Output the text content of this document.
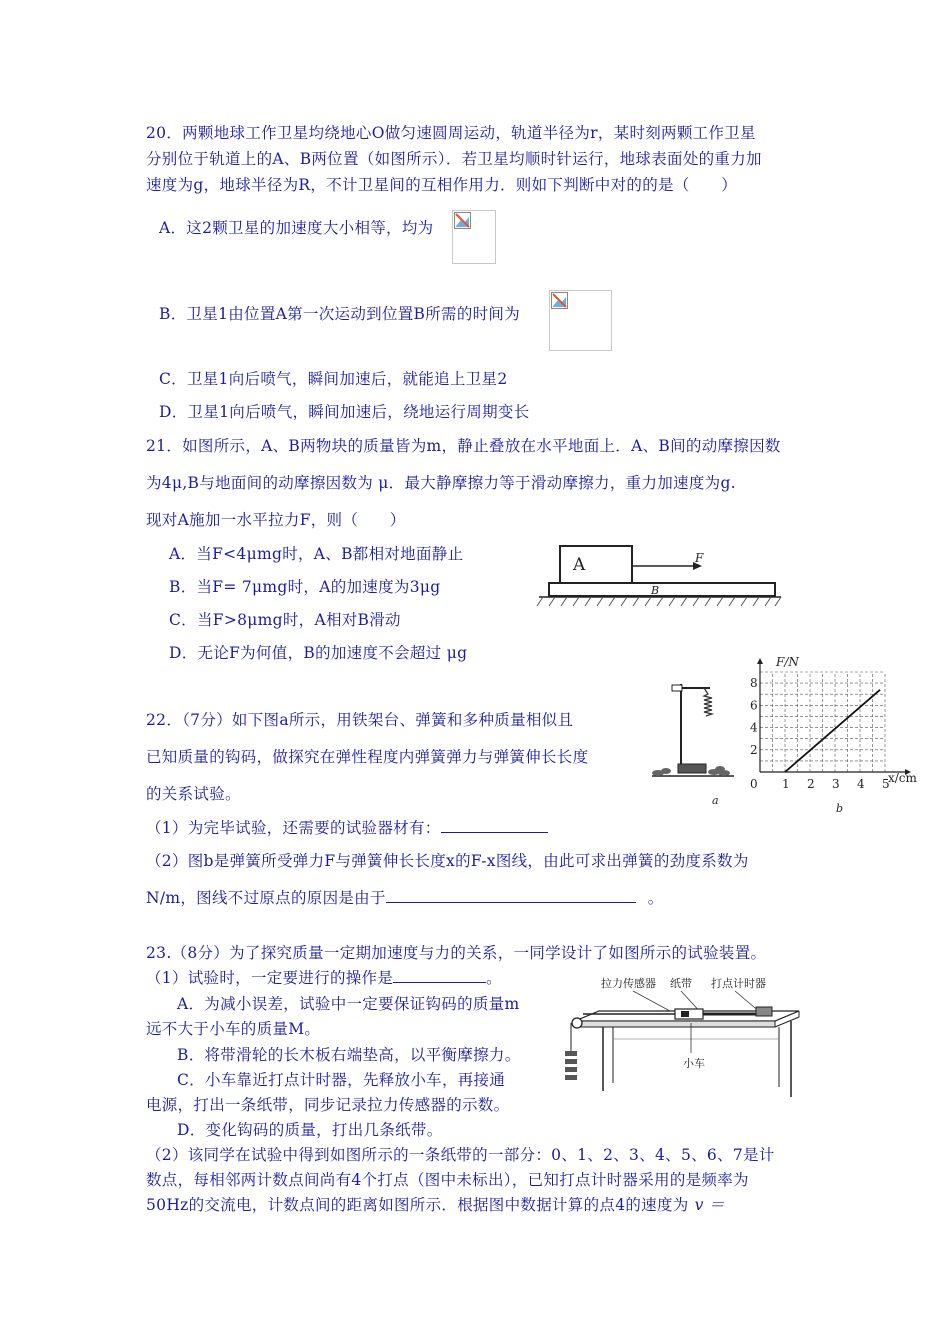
20．两颗地球工作卫星均绕地心O做匀速圆周运动，轨道半径为r，某时刻两颗工作卫星
分别位于轨道上的A、B两位置（如图所示）．若卫星均顺时针运行，地球表面处的重力加
速度为g，地球半径为R，不计卫星间的互相作用力．则如下判断中对的的是（　　）
A．这2颗卫星的加速度大小相等，均为
B．卫星1由位置A第一次运动到位置B所需的时间为
C．卫星1向后喷气，瞬间加速后，就能追上卫星2
D．卫星1向后喷气，瞬间加速后，绕地运行周期变长
21．如图所示，A、B两物块的质量皆为m，静止叠放在水平地面上．A、B间的动摩擦因数
为4μ,B与地面间的动摩擦因数为 μ．最大静摩擦力等于滑动摩擦力，重力加速度为g.
现对A施加一水平拉力F，则（　　）
A．当F<4μmg时，A、B都相对地面静止
B．当F= 7μmg时，A的加速度为3μg
C．当F>8μmg时，A相对B滑动
D．无论F为何值，B的加速度不会超过 μg
A	F
B
22．（7分）如下图a所示，用铁架台、弹簧和多种质量相似且
已知质量的钩码，做探究在弹性程度内弹簧弹力与弹簧伸长长度
的关系试验。
（1）为完毕试验，还需要的试验器材有：
（2）图b是弹簧所受弹力F与弹簧伸长长度x的F-x图线，由此可求出弹簧的劲度系数为
N/m，图线不过原点的原因是由于	。
a
0 1 2 3 4 5
2
4
6
8
F/N
x/cm
b
23.（8分）为了探究质量一定期加速度与力的关系，一同学设计了如图所示的试验装置。
（1）试验时，一定要进行的操作是	。
A．为减小误差，试验中一定要保证钩码的质量m
远不大于小车的质量M。
B．将带滑轮的长木板右端垫高，以平衡摩擦力。
C．小车靠近打点计时器，先释放小车，再接通
电源，打出一条纸带，同步记录拉力传感器的示数。
D．变化钩码的质量，打出几条纸带。
（2）该同学在试验中得到如图所示的一条纸带的一部分：0、1、2、3、4、5、6、7是计
数点，每相邻两计数点间尚有4个打点（图中未标出），已知打点计时器采用的是频率为
50Hz的交流电，计数点间的距离如图所示．根据图中数据计算的点4的速度为 v ＝
拉力传感器 纸带 打点计时器
小车
